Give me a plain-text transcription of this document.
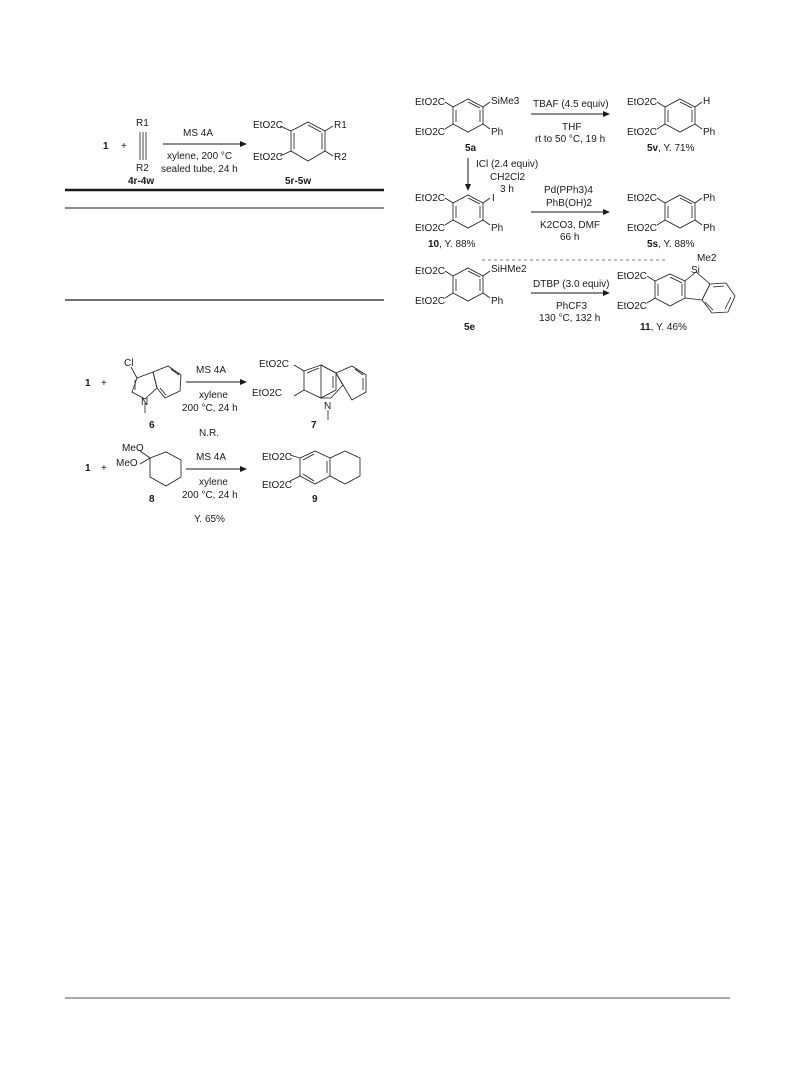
1 +
R1
R2
4r-4w
MS 4A
xylene, 200 °C
sealed tube, 24 h
EtO2C
EtO2C
R1
R2
5r-5w
1 +
Cl
N
6
MS 4A
xylene
200 °C, 24 h
N.R.
EtO2C
EtO2C
N
7
1 +
MeO
MeO
8
MS 4A
xylene
200 °C, 24 h
Y. 65%
EtO2C
EtO2C
9
EtO2C
EtO2C
SiMe3
Ph
5a
TBAF (4.5 equiv)
THF
rt to 50 °C, 19 h
EtO2C
EtO2C
H
Ph
5v, Y. 71%
ICl (2.4 equiv)
CH2Cl2
3 h
EtO2C
EtO2C
I
Ph
10, Y. 88%
Pd(PPh3)4
PhB(OH)2
K2CO3, DMF
66 h
EtO2C
EtO2C
Ph
Ph
5s, Y. 88%
EtO2C
EtO2C
SiHMe2
Ph
5e
DTBP (3.0 equiv)
PhCF3
130 °C, 132 h
EtO2C
EtO2C
Me2
Si
11, Y. 46%
